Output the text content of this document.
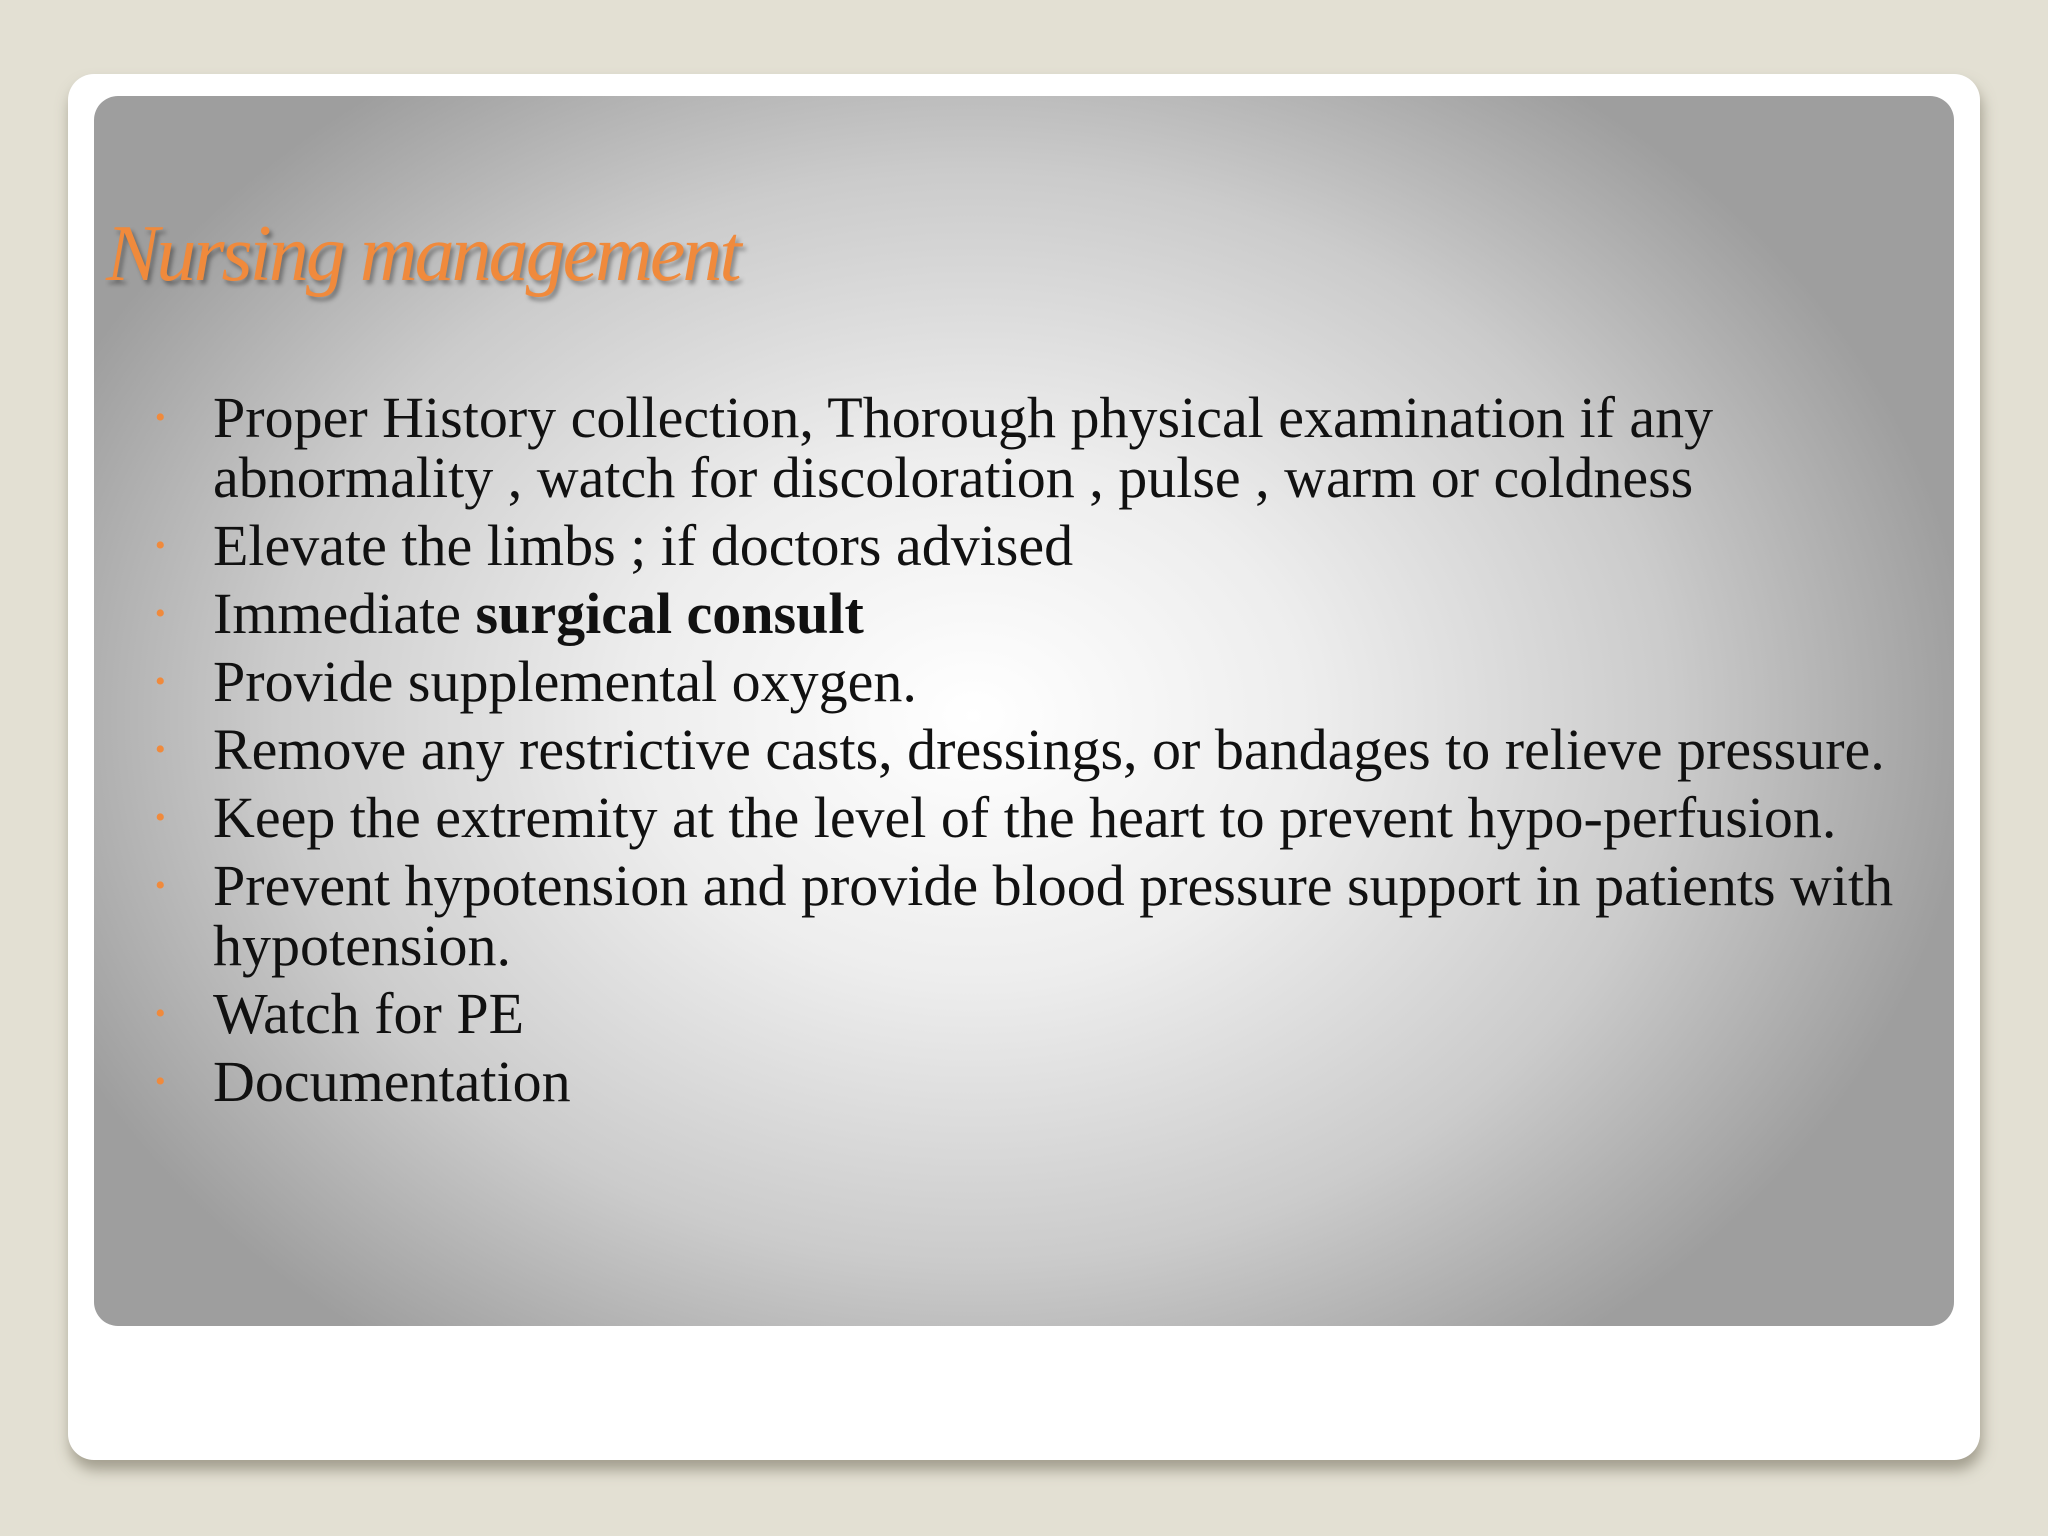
Nursing management
• Proper History collection, Thorough physical examination if any abnormality , watch for discoloration , pulse , warm or coldness
• Elevate the limbs ; if doctors advised
• Immediate surgical consult
• Provide supplemental oxygen.
• Remove any restrictive casts, dressings, or bandages to relieve pressure.
• Keep the extremity at the level of the heart to prevent hypo-perfusion.
• Prevent hypotension and provide blood pressure support in patients with hypotension.
• Watch for PE
• Documentation
